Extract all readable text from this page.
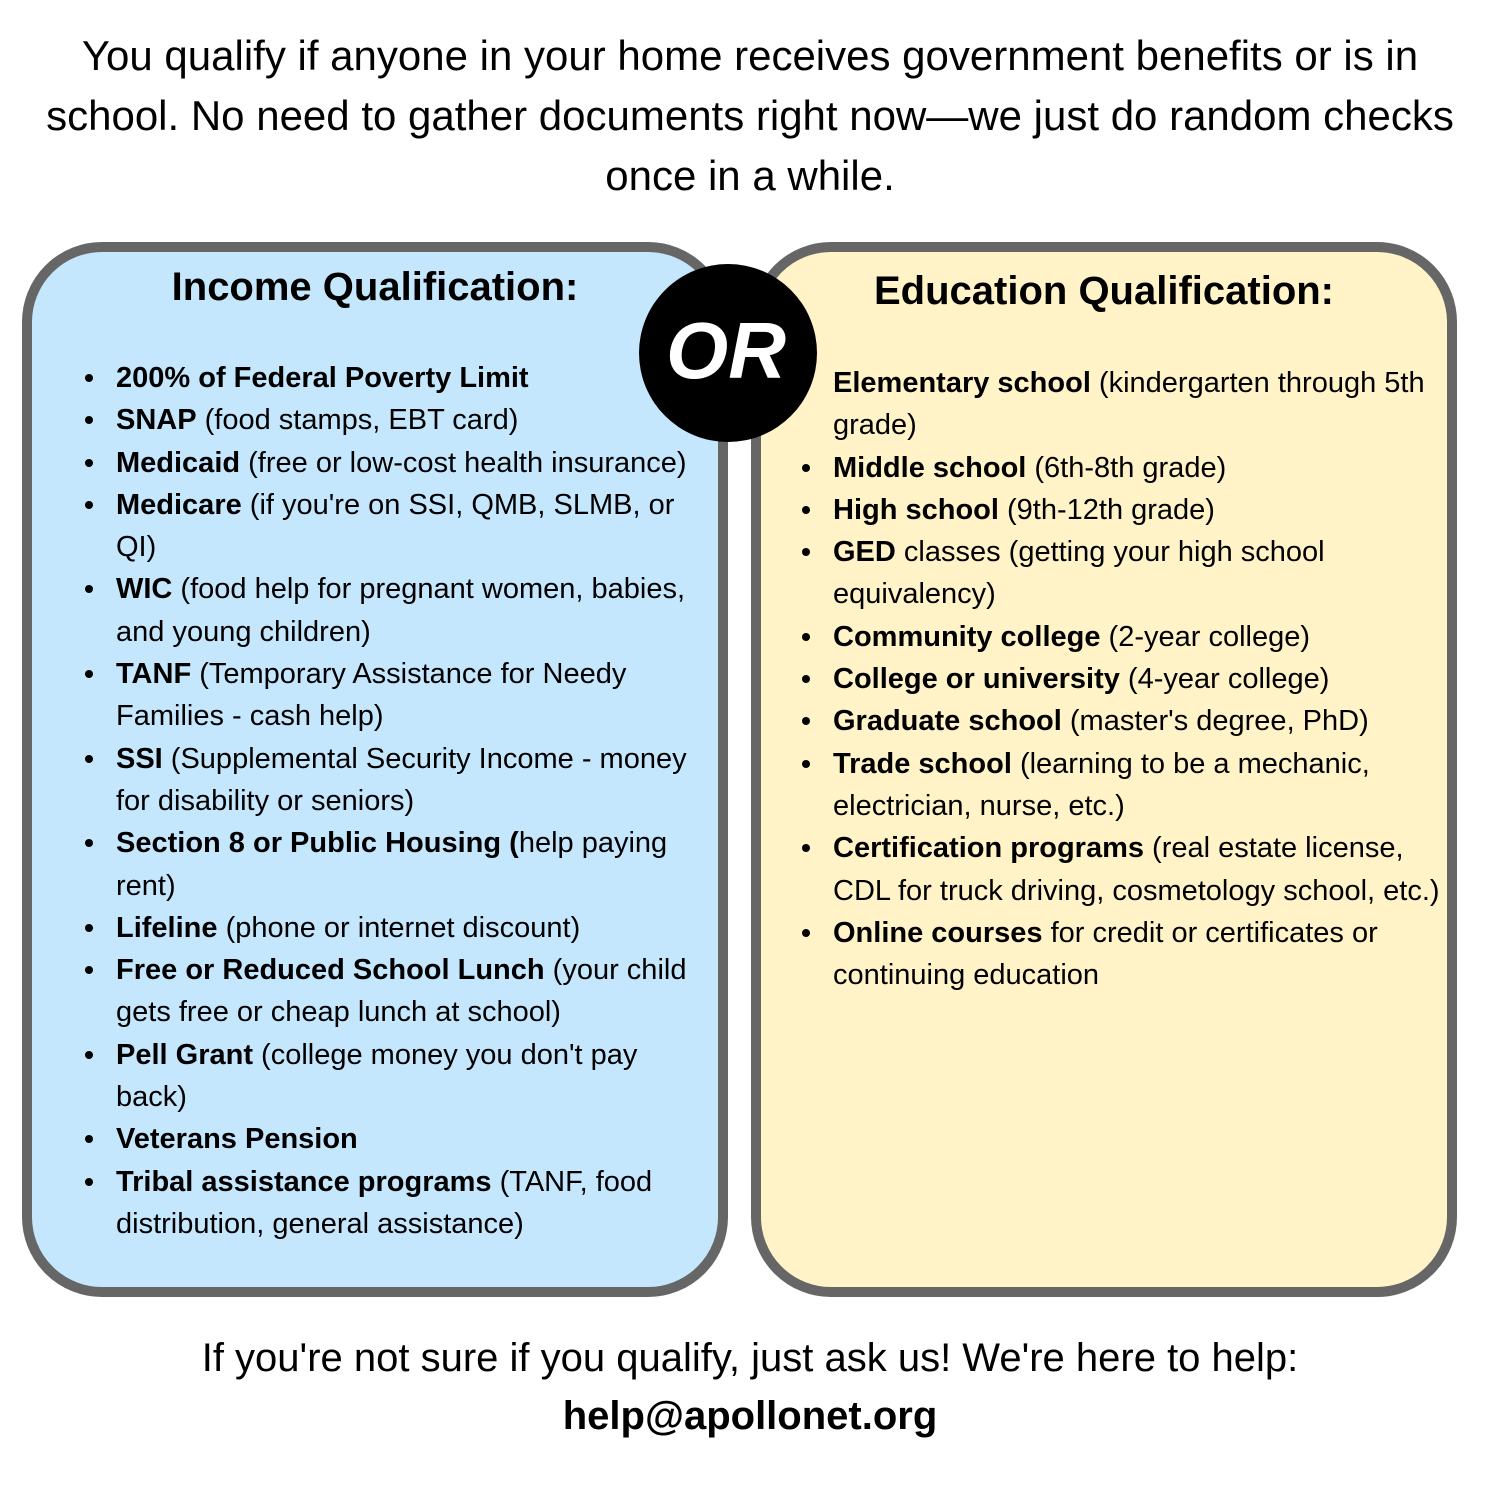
You qualify if anyone in your home receives government benefits or is in school. No need to gather documents right now—we just do random checks once in a while.

Income Qualification:
200% of Federal Poverty Limit
SNAP (food stamps, EBT card)
Medicaid (free or low-cost health insurance)
Medicare (if you're on SSI, QMB, SLMB, or QI)
WIC (food help for pregnant women, babies, and young children)
TANF (Temporary Assistance for Needy Families - cash help)
SSI (Supplemental Security Income - money for disability or seniors)
Section 8 or Public Housing (help paying rent)
Lifeline (phone or internet discount)
Free or Reduced School Lunch (your child gets free or cheap lunch at school)
Pell Grant (college money you don't pay back)
Veterans Pension
Tribal assistance programs (TANF, food distribution, general assistance)
Education Qualification:
Elementary school (kindergarten through 5th grade)
Middle school (6th-8th grade)
High school (9th-12th grade)
GED classes (getting your high school equivalency)
Community college (2-year college)
College or university (4-year college)
Graduate school (master's degree, PhD)
Trade school (learning to be a mechanic, electrician, nurse, etc.)
Certification programs (real estate license, CDL for truck driving, cosmetology school, etc.)
Online courses for credit or certificates or continuing education
OR

If you're not sure if you qualify, just ask us! We're here to help:

help@apollonet.org
